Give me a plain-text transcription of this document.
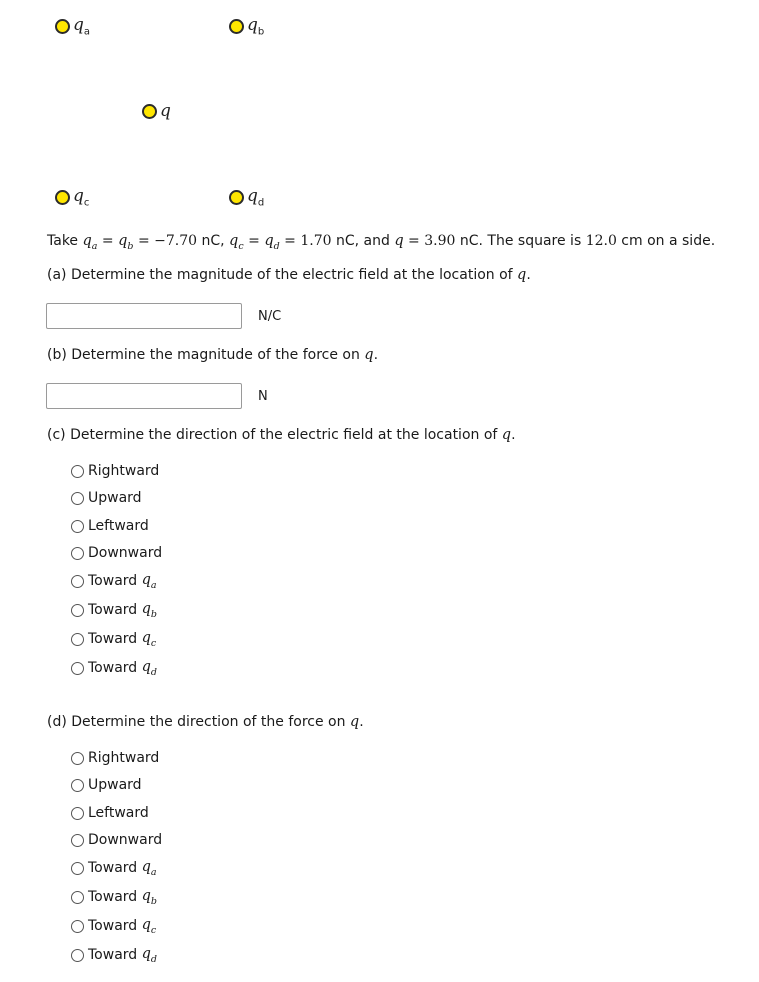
$q_a$	$q_b$
q
$q_c$	$q_d$
Take $q_a = q_b = -7.70$ nC, $q_c = q_d = 1.70$ nC, and q = 3.90 nC. The square is 12.0 cm on a side.
(a) Determine the magnitude of the electric field at the location of q.
N/C
(b) Determine the magnitude of the force on q.
N
(c) Determine the direction of the electric field at the location of q.
Rightward
Upward
Leftward
Downward
Toward
$q_a$
Toward
$q_b$
Toward
$q_c$
Toward
$q_d$
(d) Determine the direction of the force on q.
Rightward
Upward
Leftward
Downward
Toward
$q_a$
Toward
$q_b$
Toward
$q_c$
Toward
$q_d$
